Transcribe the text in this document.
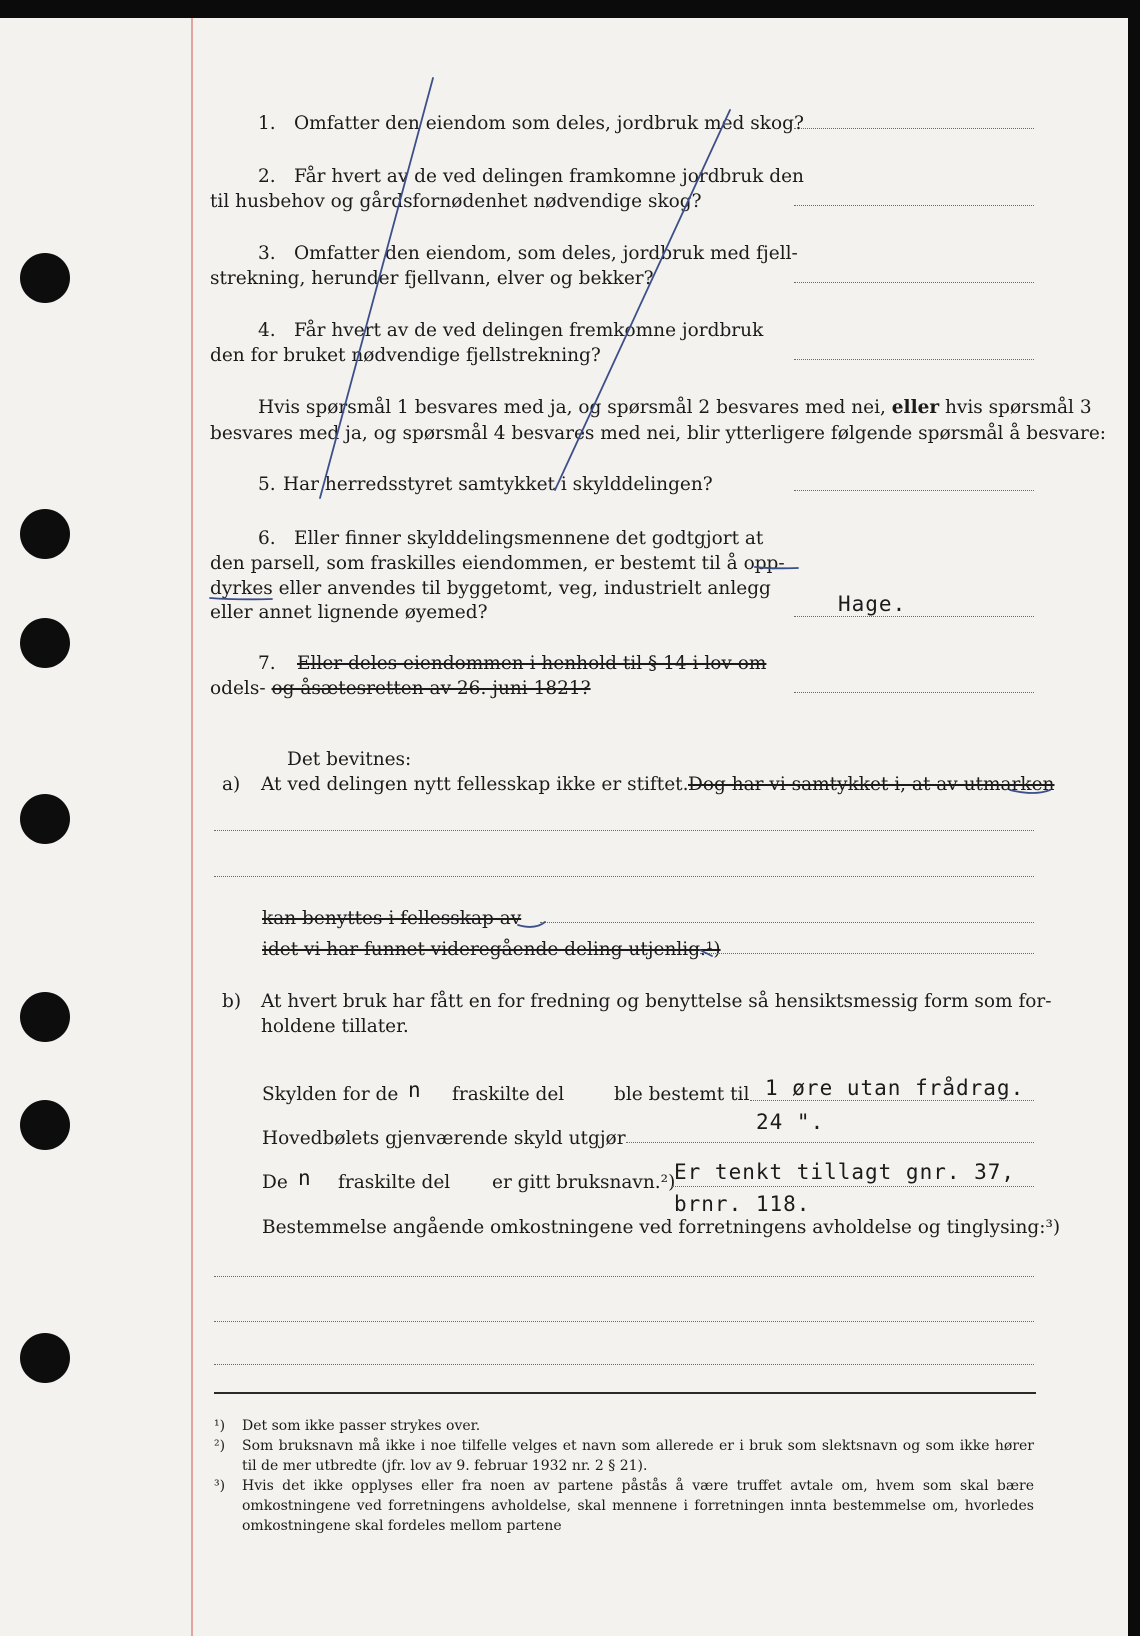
1. Omfatter den eiendom som deles, jordbruk med skog?
2. Får hvert av de ved delingen framkomne jordbruk den
til husbehov og gårdsfornødenhet nødvendige skog?
3. Omfatter den eiendom, som deles, jordbruk med fjell-
strekning, herunder fjellvann, elver og bekker?
4. Får hvert av de ved delingen fremkomne jordbruk
den for bruket nødvendige fjellstrekning?
Hvis spørsmål 1 besvares med ja, og spørsmål 2 besvares med nei, eller hvis spørsmål 3
besvares med ja, og spørsmål 4 besvares med nei, blir ytterligere følgende spørsmål å besvare:
5. Har herredsstyret samtykket i skylddelingen?
6. Eller finner skylddelingsmennene det godtgjort at
den parsell, som fraskilles eiendommen, er bestemt til å opp-
dyrkes eller anvendes til byggetomt, veg, industrielt anlegg
eller annet lignende øyemed?	Hage.
7. Eller deles eiendommen i henhold til § 14 i lov om
odels- og åsætesretten av 26. juni 1821?
Det bevitnes:
a) At ved delingen nytt fellesskap ikke er stiftet. Dog har vi samtykket i, at av utmarken
kan benyttes i fellesskap av
idet vi har funnet videregående deling utjenlig.¹)
b) At hvert bruk har fått en for fredning og benyttelse så hensiktsmessig form som for-
holdene tillater.
Skylden for de n fraskilte del	ble bestemt til 1 øre utan frådrag.
Hovedbølets gjenværende skyld utgjør
24 ".
De n fraskilte del er gitt bruksnavn.²)
Er tenkt tillagt gnr. 37,
brnr. 118.
Bestemmelse angående omkostningene ved forretningens avholdelse og tinglysing:³)
¹) Det som ikke passer strykes over.
²) Som bruksnavn må ikke i noe tilfelle velges et navn som allerede er i bruk som slektsnavn og som ikke hører til de mer utbredte (jfr. lov av 9. februar 1932 nr. 2 § 21).
³) Hvis det ikke opplyses eller fra noen av partene påstås å være truffet avtale om, hvem som skal bære omkostningene ved forretningens avholdelse, skal mennene i forretningen innta bestemmelse om, hvorledes omkostningene skal fordeles mellom partene
